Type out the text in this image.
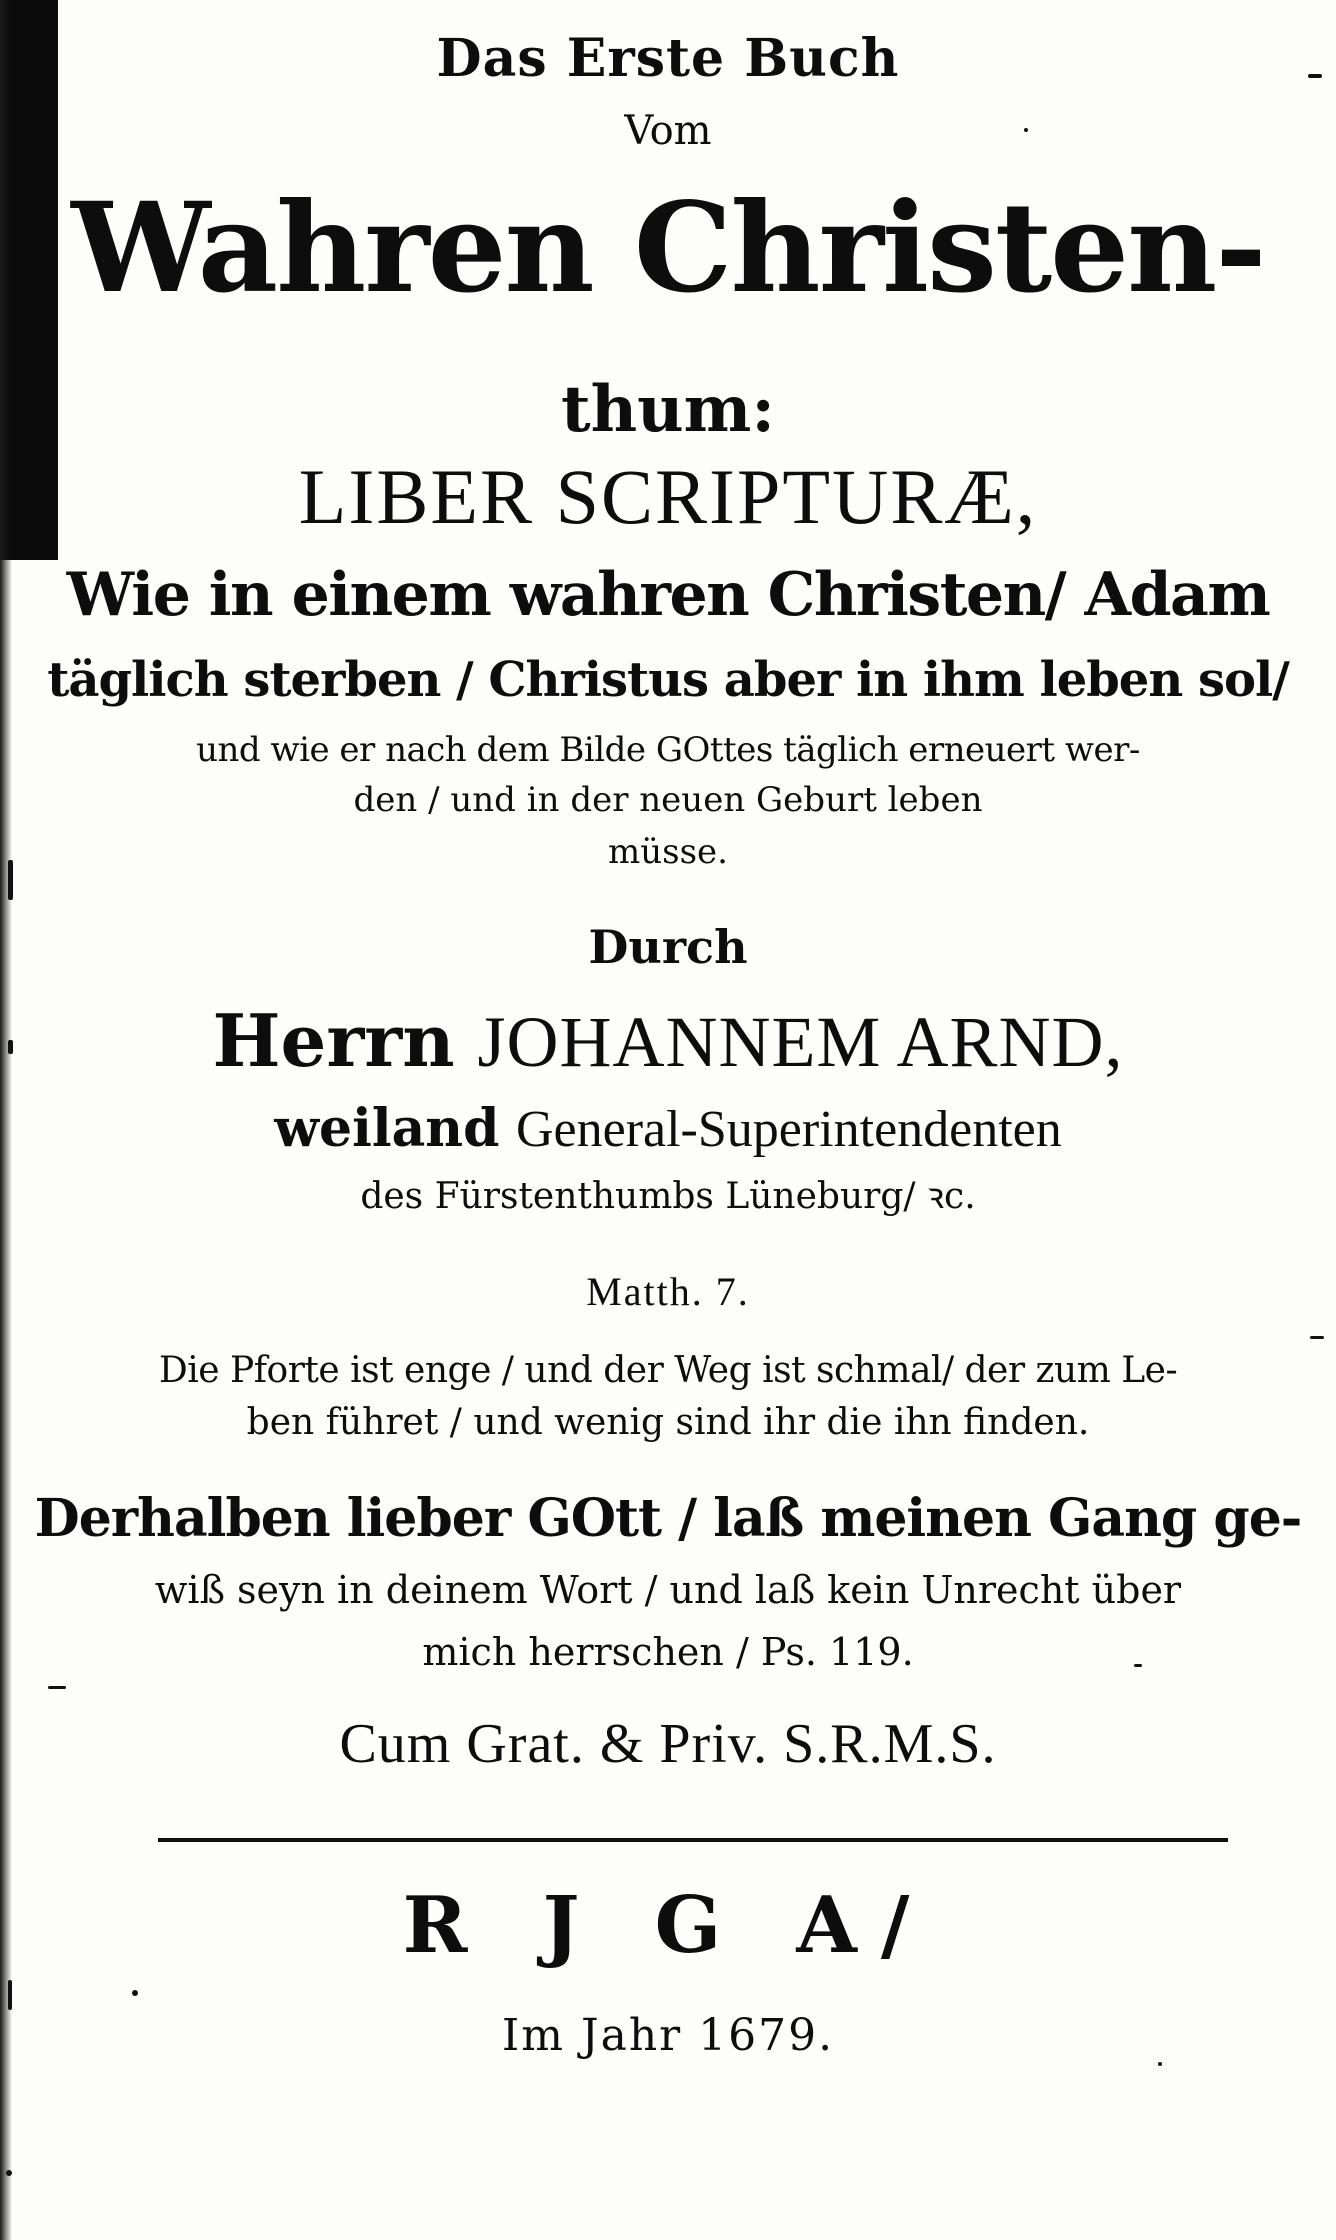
Das Erste Buch
Vom
Wahren Christen-
thum:
LIBER SCRIPTURÆ,
Wie in einem wahren Christen/ Adam
täglich sterben / Christus aber in ihm leben sol/
und wie er nach dem Bilde GOttes täglich erneuert wer-
den / und in der neuen Geburt leben
müsse.
Durch
Herrn JOHANNEM ARND,
weiland General-Superintendenten
des Fürstenthumbs Lüneburg/ ꝛc.
Matth. 7.
Die Pforte ist enge / und der Weg ist schmal/ der zum Le-
ben führet / und wenig sind ihr die ihn finden.
Derhalben lieber GOtt / laß meinen Gang ge-
wiß seyn in deinem Wort / und laß kein Unrecht über
mich herrschen / Ps. 119.
Cum Grat. & Priv. S.R.M.S.
R J G A/
Im Jahr 1679.
